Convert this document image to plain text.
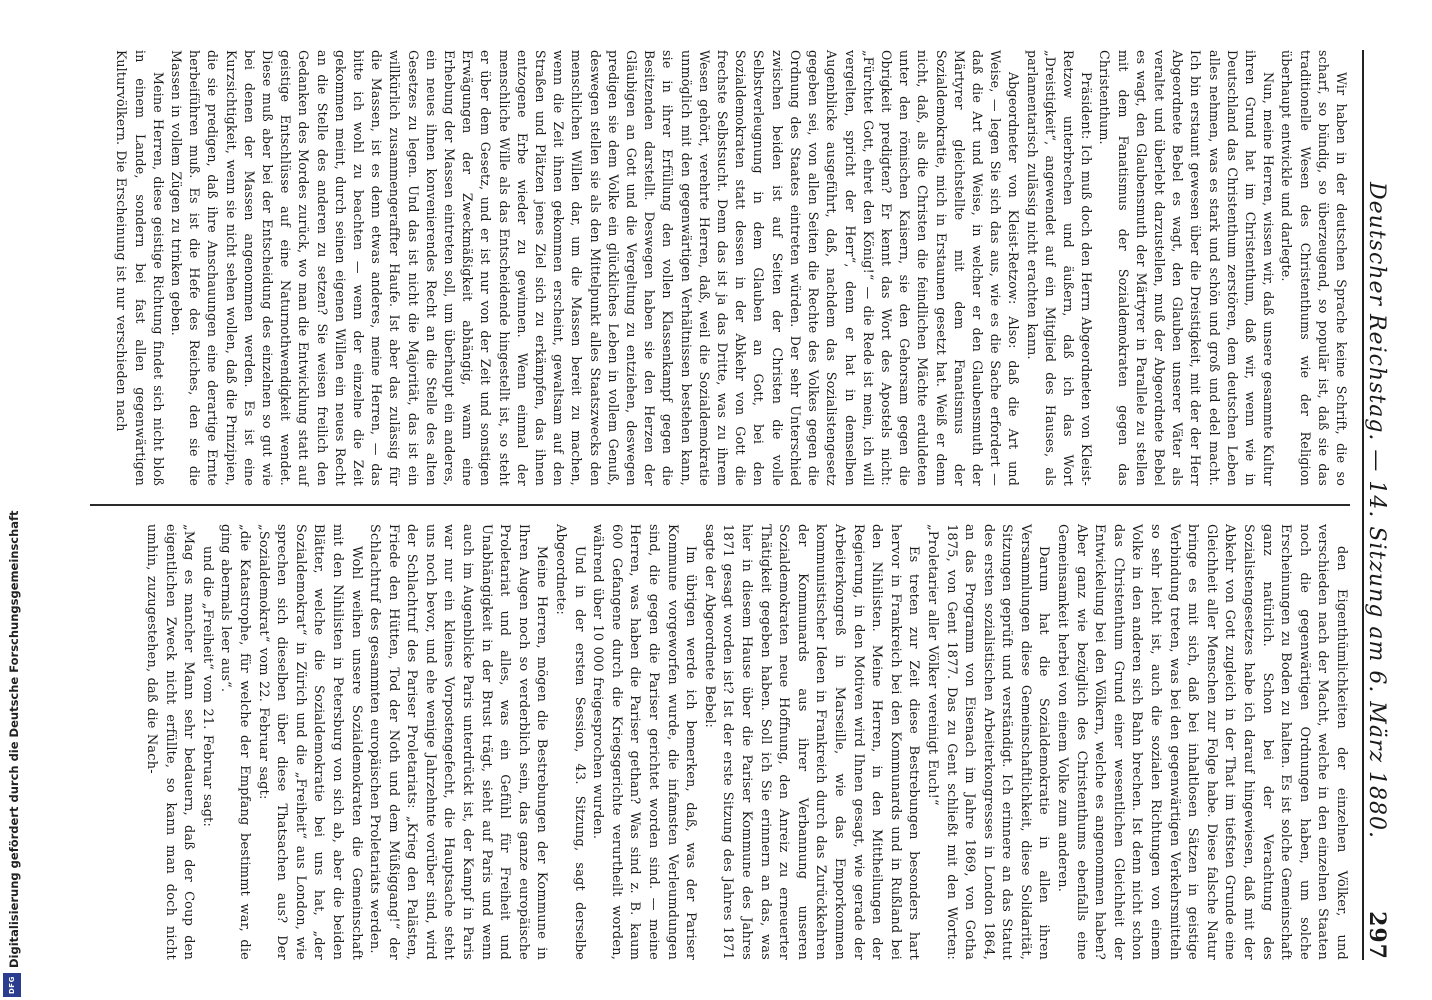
Deutscher Reichstag. — 14. Sitzung am 6. März 1880.
297

Wir haben in der deutschen Sprache keine Schrift, die so scharf, so bündig, so überzeugend, so populär ist, daß sie das traditionelle Wesen des Christenthums wie der Religion überhaupt entwickle und darlegte.

Nun, meine Herren, wissen wir, daß unsere gesammte Kultur ihren Grund hat im Christenthum, daß wir, wenn wie in Deutschland das Christenthum zerstören, dem deutschen Leben alles nehmen, was es stark und schön und groß und edel macht. Ich bin erstaunt gewesen über die Dreistigkeit, mit der der Herr Abgeordnete Bebel es wagt, den Glauben unserer Väter als veraltet und überlebt darzustellen, muß der Abgeordnete Bebel es wagt, den Glaubensmuth der Märtyrer in Parallele zu stellen mit dem Fanatismus der Sozialdemokraten gegen das Christenthum.

Präsident: Ich muß doch den Herrn Abgeordneten von Kleist-Retzow unterbrechen und äußern, daß ich das Wort „Dreistigkeit“, angewendet auf ein Mitglied des Hauses, als parlamentarisch zulässig nicht erachten kann.

Abgeordneter von Kleist-Retzow: Also: daß die Art und Weise, — legen Sie sich das aus, wie es die Sache erfordert — daß die Art und Weise, in welcher er den Glaubensmuth der Märtyrer gleichstellte mit dem Fanatismus der Sozialdemokratie, mich in Erstaunen gesetzt hat. Weiß er denn nicht, daß, als die Christen die feindlichen Mächte erduldeten unter den römischen Kaisern, sie den Gehorsam gegen die Obrigkeit predigten? Er kennt das Wort des Apostels nicht: „Fürchtet Gott, ehret den König!“ — die Rede ist mein, ich will vergelten, spricht der Herr“, denn er hat in demselben Augenblicke ausgeführt, daß, nachdem das Sozialistengesetz gegeben sei, von allen Seiten die Rechte des Volkes gegen die Ordnung des Staates eintreten würden. Der sehr Unterschied zwischen beiden ist auf Seiten der Christen die volle Selbstverleugnung in dem Glauben an Gott, bei den Sozialdemokraten statt dessen in der Abkehr von Gott die frechste Selbstsucht. Denn das ist ja das Dritte, was zu ihrem Wesen gehört, verehrte Herren, daß, weil die Sozialdemokratie unmöglich mit den gegenwärtigen Verhältnissen bestehen kann, sie in ihrer Erfüllung den vollen Klassenkampf gegen die Besitzenden darstellt. Deswegen haben sie den Herzen der Gläubigen an Gott und die Vergeltung zu entziehen, deswegen predigen sie dem Volke ein glückliches Leben in vollem Genuß, deswegen stellen sie als den Mittelpunkt alles Staatszwecks den menschlichen Willen dar, um die Massen bereit zu machen, wenn die Zeit ihnen gekommen erscheint, gewaltsam auf den Straßen und Plätzen jenes Ziel sich zu erkämpfen, das ihnen entzogene Erbe wieder zu gewinnen. Wenn einmal der menschliche Wille als das Entscheidende hingestellt ist, so steht er über dem Gesetz, und er ist nur von der Zeit und sonstigen Erwägungen der Zweckmäßigkeit abhängig, wann eine Erhebung der Massen eintreten soll, um überhaupt ein anderes, ein neues ihnen konvenierendes Recht an die Stelle des alten Gesetzes zu legen. Und das ist nicht die Majorität, das ist ein willkürlich zusammengeraffter Haufe. Ist aber das zulässig für die Massen, ist es denn etwas anderes, meine Herren, — das bitte ich wohl zu beachten — wenn der einzelne die Zeit gekommen meint, durch seinen eigenen Willen ein neues Recht an die Stelle des anderen zu setzen? Sie weisen freilich den Gedanken des Mordes zurück, wo man die Entwicklung statt auf geistige Entschlüsse auf eine Naturnothwendigkeit wendet. Diese muß aber bei der Entscheidung des einzelnen so gut wie bei denen der Massen angenommen werden. Es ist eine Kurzsichtigkeit, wenn sie nicht sehen wollen, daß die Prinzipien, die sie predigen, daß ihre Anschauungen eine derartige Ernte herbeiführen muß. Es ist die Hefe des Reiches, den sie die Massen in vollem Zügen zu trinken geben.

Meine Herren, diese geistige Richtung findet sich nicht bloß in einem Lande, sondern bei fast allen gegenwärtigen Kulturvölkern. Die Erscheinung ist nur verschieden nach

den Eigenthümlichkeiten der einzelnen Völker, und verschieden nach der Macht, welche in den einzelnen Staaten noch die gegenwärtigen Ordnungen haben, um solche Erscheinungen zu Boden zu halten. Es ist solche Gemeinschaft ganz natürlich. Schon bei der Verachtung des Sozialistengesetzes habe ich darauf hingewiesen, daß mit der Abkehr von Gott zugleich in der That im tiefsten Grunde eine Gleichheit aller Menschen zur Folge habe. Diese falsche Natur bringe es mit sich, daß bei inhaltlosen Sätzen in geistige Verbindung treten, was bei den gegenwärtigen Verkehrsmitteln so sehr leicht ist, auch die sozialen Richtungen von einem Volke in den anderen sich Bahn brechen. Ist denn nicht schon das Christenthum Grund einer wesentlichen Gleichheit der Entwickelung bei den Völkern, welche es angenommen haben? Aber ganz wie bezüglich des Christenthums ebenfalls eine Gemeinsamkeit herbei von einem Volke zum anderen.

Darum hat die Sozialdemokratie in allen ihren Versammlungen diese Gemeinschaftlichkeit, diese Solidarität, Sitzungen geprüft und verständigt. Ich erinnere an das Statut des ersten sozialistischen Arbeiterkongresses in London 1864, an das Programm von Eisenach im Jahre 1869, von Gotha 1875, von Gent 1877. Das zu Gent schließt mit den Worten: „Proletarier aller Völker vereinigt Euch!“

Es treten zur Zeit diese Bestrebungen besonders hart hervor in Frankreich bei den Kommunards und in Rußland bei den Nihilisten. Meine Herren, in den Mittheilungen der Regierung, in den Motiven wird Ihnen gesagt, wie gerade der Arbeiterkongreß in Marseille, wie das Emporkommen kommunistischer Ideen in Frankreich durch das Zurückkehren der Kommunards aus ihrer Verbannung unseren Sozialdemokraten neue Hoffnung, den Anreiz zu erneuerter Thätigkeit gegeben haben. Soll ich Sie erinnern an das, was hier in diesem Hause über die Pariser Kommune des Jahres 1871 gesagt worden ist? Ist der erste Sitzung des Jahres 1871 sagte der Abgeordnete Bebel:

Im übrigen werde ich bemerken, daß, was der Pariser Kommune vorgeworfen wurde, die infamsten Verleumdungen sind, die gegen die Pariser gerichtet worden sind. — meine Herren, was haben die Pariser gethan? Was sind z. B. kaum 600 Gefangene durch die Kriegsgerichte verurtheilt worden, während über 10 000 freigesprochen wurden.

Und in der ersten Session, 43. Sitzung, sagt derselbe Abgeordnete:

Meine Herren, mögen die Bestrebungen der Kommune in Ihren Augen noch so verderblich sein, das ganze europäische Proletariat und alles, was ein Gefühl für Freiheit und Unabhängigkeit in der Brust trägt, sieht auf Paris und wenn auch im Augenblicke Paris unterdrückt ist, der Kampf in Paris war nur ein kleines Vorpostengefecht, die Hauptsache steht uns noch bevor, und ehe wenige Jahrzehnte vorüber sind, wird der Schlachtruf des Pariser Proletariats: „Krieg den Palästen, Friede den Hütten, Tod der Noth und dem Müßiggang!“ der Schlachtruf des gesammten europäischen Proletariats werden.

Wohl weihen unsere Sozialdemokraten die Gemeinschaft mit den Nihilisten in Petersburg von sich ab, aber die beiden Blätter, welche die Sozialdemokratie bei uns hat, „der Sozialdemokrat“ in Zürich und die „Freiheit“ aus London, wie sprechen sich dieselben über diese Thatsachen aus? Der „Sozialdemokrat“ vom 22. Februar sagt:

„die Katastrophe, für welche der Empfang bestimmt war, die ging abermals leer aus“.

und die „Freiheit“ vom 21. Februar sagt:

„Mag es mancher Mann sehr bedauern, daß der Coup den eigentlichen Zweck nicht erfüllte, so kann man doch nicht umhin, zuzugestehen, daß die Nach-

Digitalisierung gefördert durch die Deutsche Forschungsgemeinschaft
DFG
